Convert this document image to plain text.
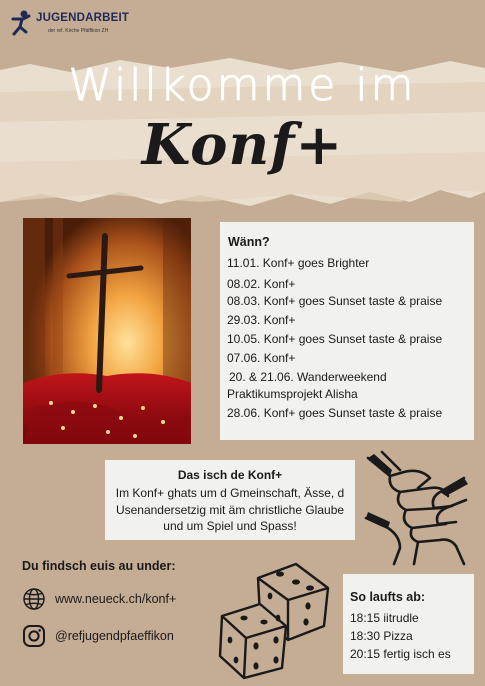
JUGENDARBEIT
der ref. Kirche Pfäffikon ZH
Willkomme im
Konf+
Wänn?
11.01. Konf+ goes Brighter
08.02. Konf+
08.03. Konf+ goes Sunset taste & praise
29.03. Konf+
10.05. Konf+ goes Sunset taste & praise
07.06. Konf+
20. & 21.06. Wanderweekend
Praktikumsprojekt Alisha
28.06. Konf+ goes Sunset taste & praise
Das isch de Konf+
Im Konf+ ghats um d Gmeinschaft, Ässe, d Usenandersetzig mit äm christliche Glaube und um Spiel und Spass!
Du findsch euis au under:
www.neueck.ch/konf+
@refjugendpfaeffikon
So laufts ab:
18:15 iitrudle
18:30 Pizza
20:15 fertig isch es
